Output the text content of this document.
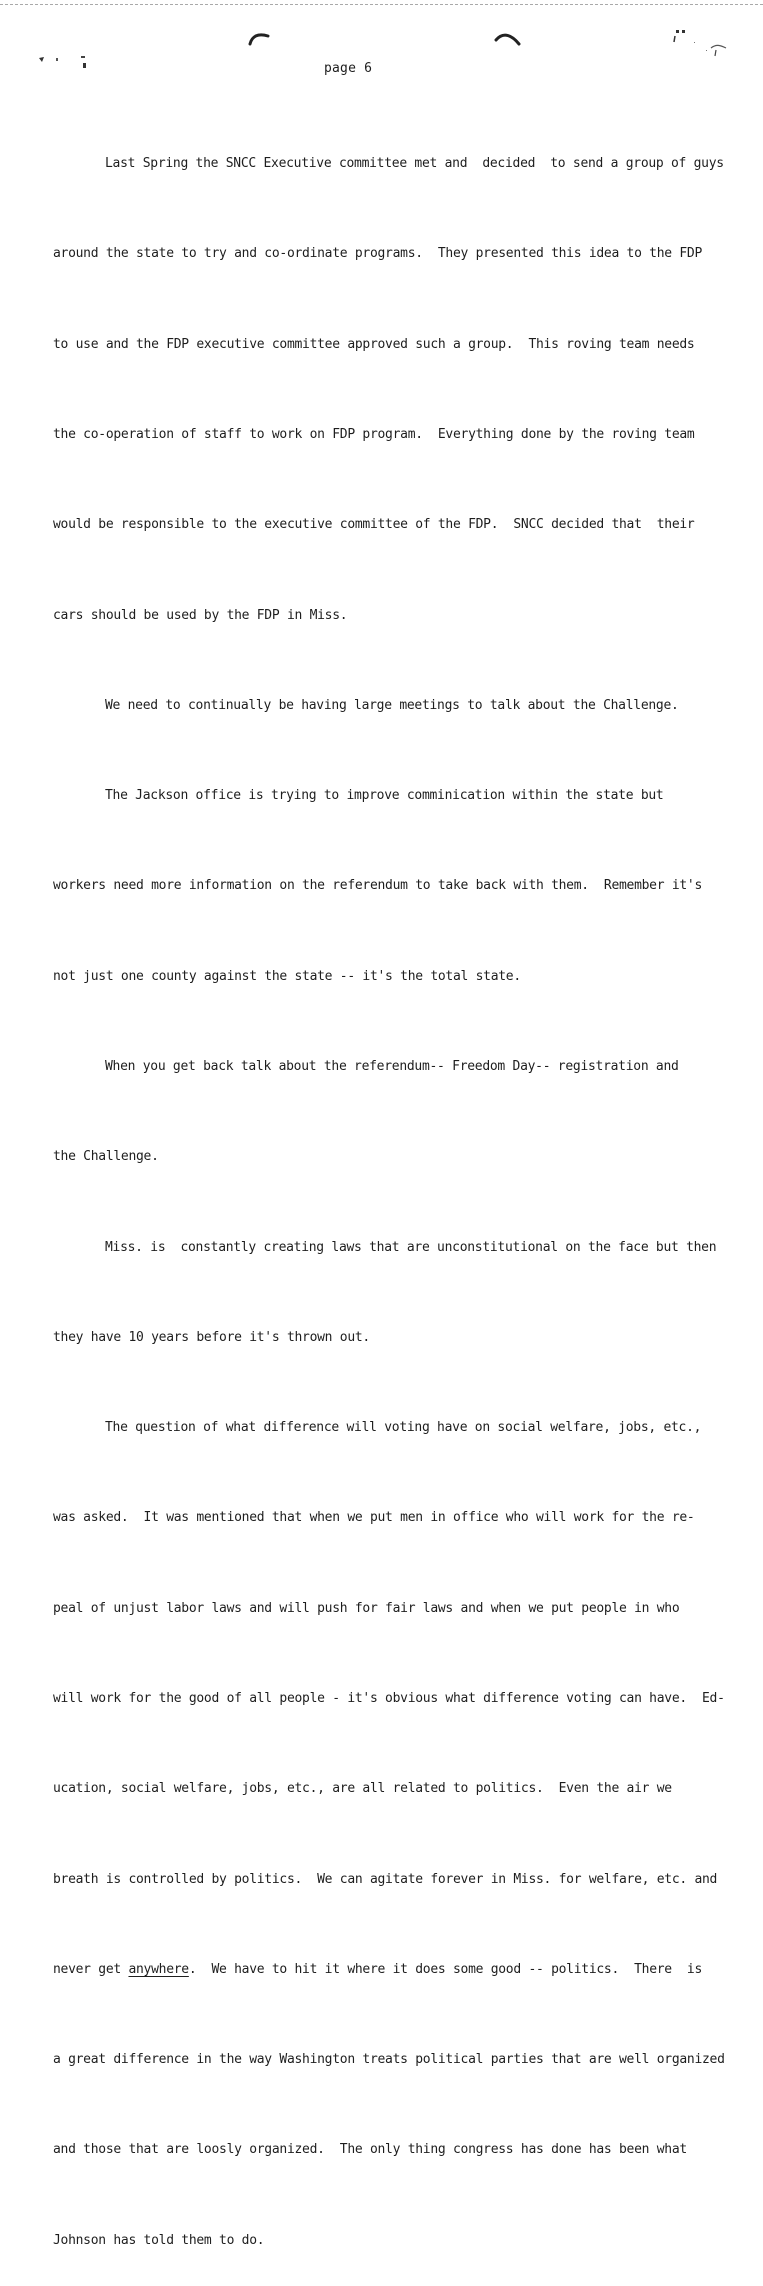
page 6

Last Spring the SNCC Executive committee met and  decided  to send a group of guys

around the state to try and co-ordinate programs.  They presented this idea to the FDP

to use and the FDP executive committee approved such a group.  This roving team needs

the co-operation of staff to work on FDP program.  Everything done by the roving team

would be responsible to the executive committee of the FDP.  SNCC decided that  their

cars should be used by the FDP in Miss.

We need to continually be having large meetings to talk about the Challenge.

The Jackson office is trying to improve comminication within the state but

workers need more information on the referendum to take back with them.  Remember it's

not just one county against the state -- it's the total state.

When you get back talk about the referendum-- Freedom Day-- registration and

the Challenge.

Miss. is  constantly creating laws that are unconstitutional on the face but then

they have 10 years before it's thrown out.

The question of what difference will voting have on social welfare, jobs, etc.,

was asked.  It was mentioned that when we put men in office who will work for the re-

peal of unjust labor laws and will push for fair laws and when we put people in who

will work for the good of all people - it's obvious what difference voting can have.  Ed-

ucation, social welfare, jobs, etc., are all related to politics.  Even the air we

breath is controlled by politics.  We can agitate forever in Miss. for welfare, etc. and

never get anywhere.  We have to hit it where it does some good -- politics.  There  is

a great difference in the way Washington treats political parties that are well organized

and those that are loosly organized.  The only thing congress has done has been what

Johnson has told them to do.
